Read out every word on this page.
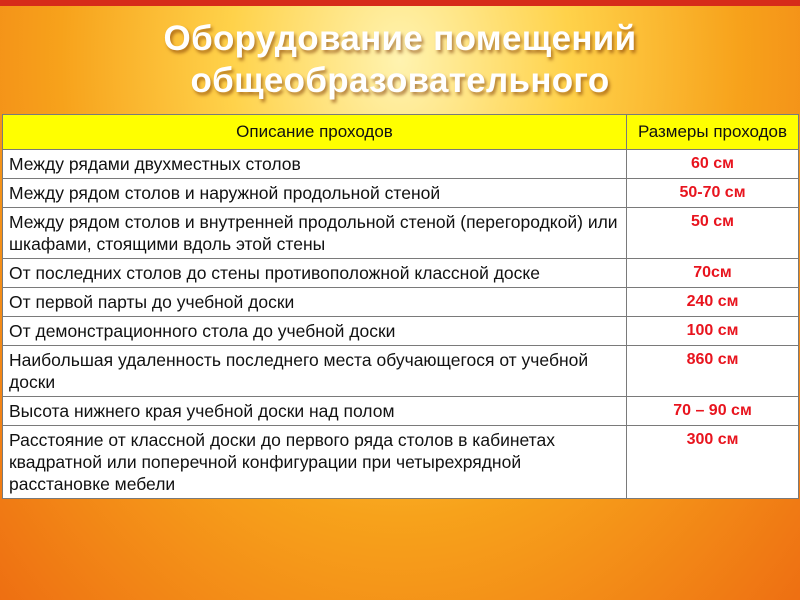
Оборудование помещений
общеобразовательного
Описание проходов	Размеры проходов
Между рядами двухместных столов	60 см
Между рядом столов и наружной продольной стеной	50-70 см
Между рядом столов и внутренней продольной стеной (перегородкой) или шкафами, стоящими вдоль этой стены	50 см
От последних столов до стены противоположной классной доске	70см
От первой парты до учебной доски	240 см
От демонстрационного стола до учебной доски	100 см
Наибольшая удаленность последнего места обучающегося от учебной доски	860 см
Высота нижнего края учебной доски над полом	70 – 90 см
Расстояние от классной доски до первого ряда столов в кабинетах квадратной или поперечной конфигурации при четырехрядной расстановке мебели	300 см
